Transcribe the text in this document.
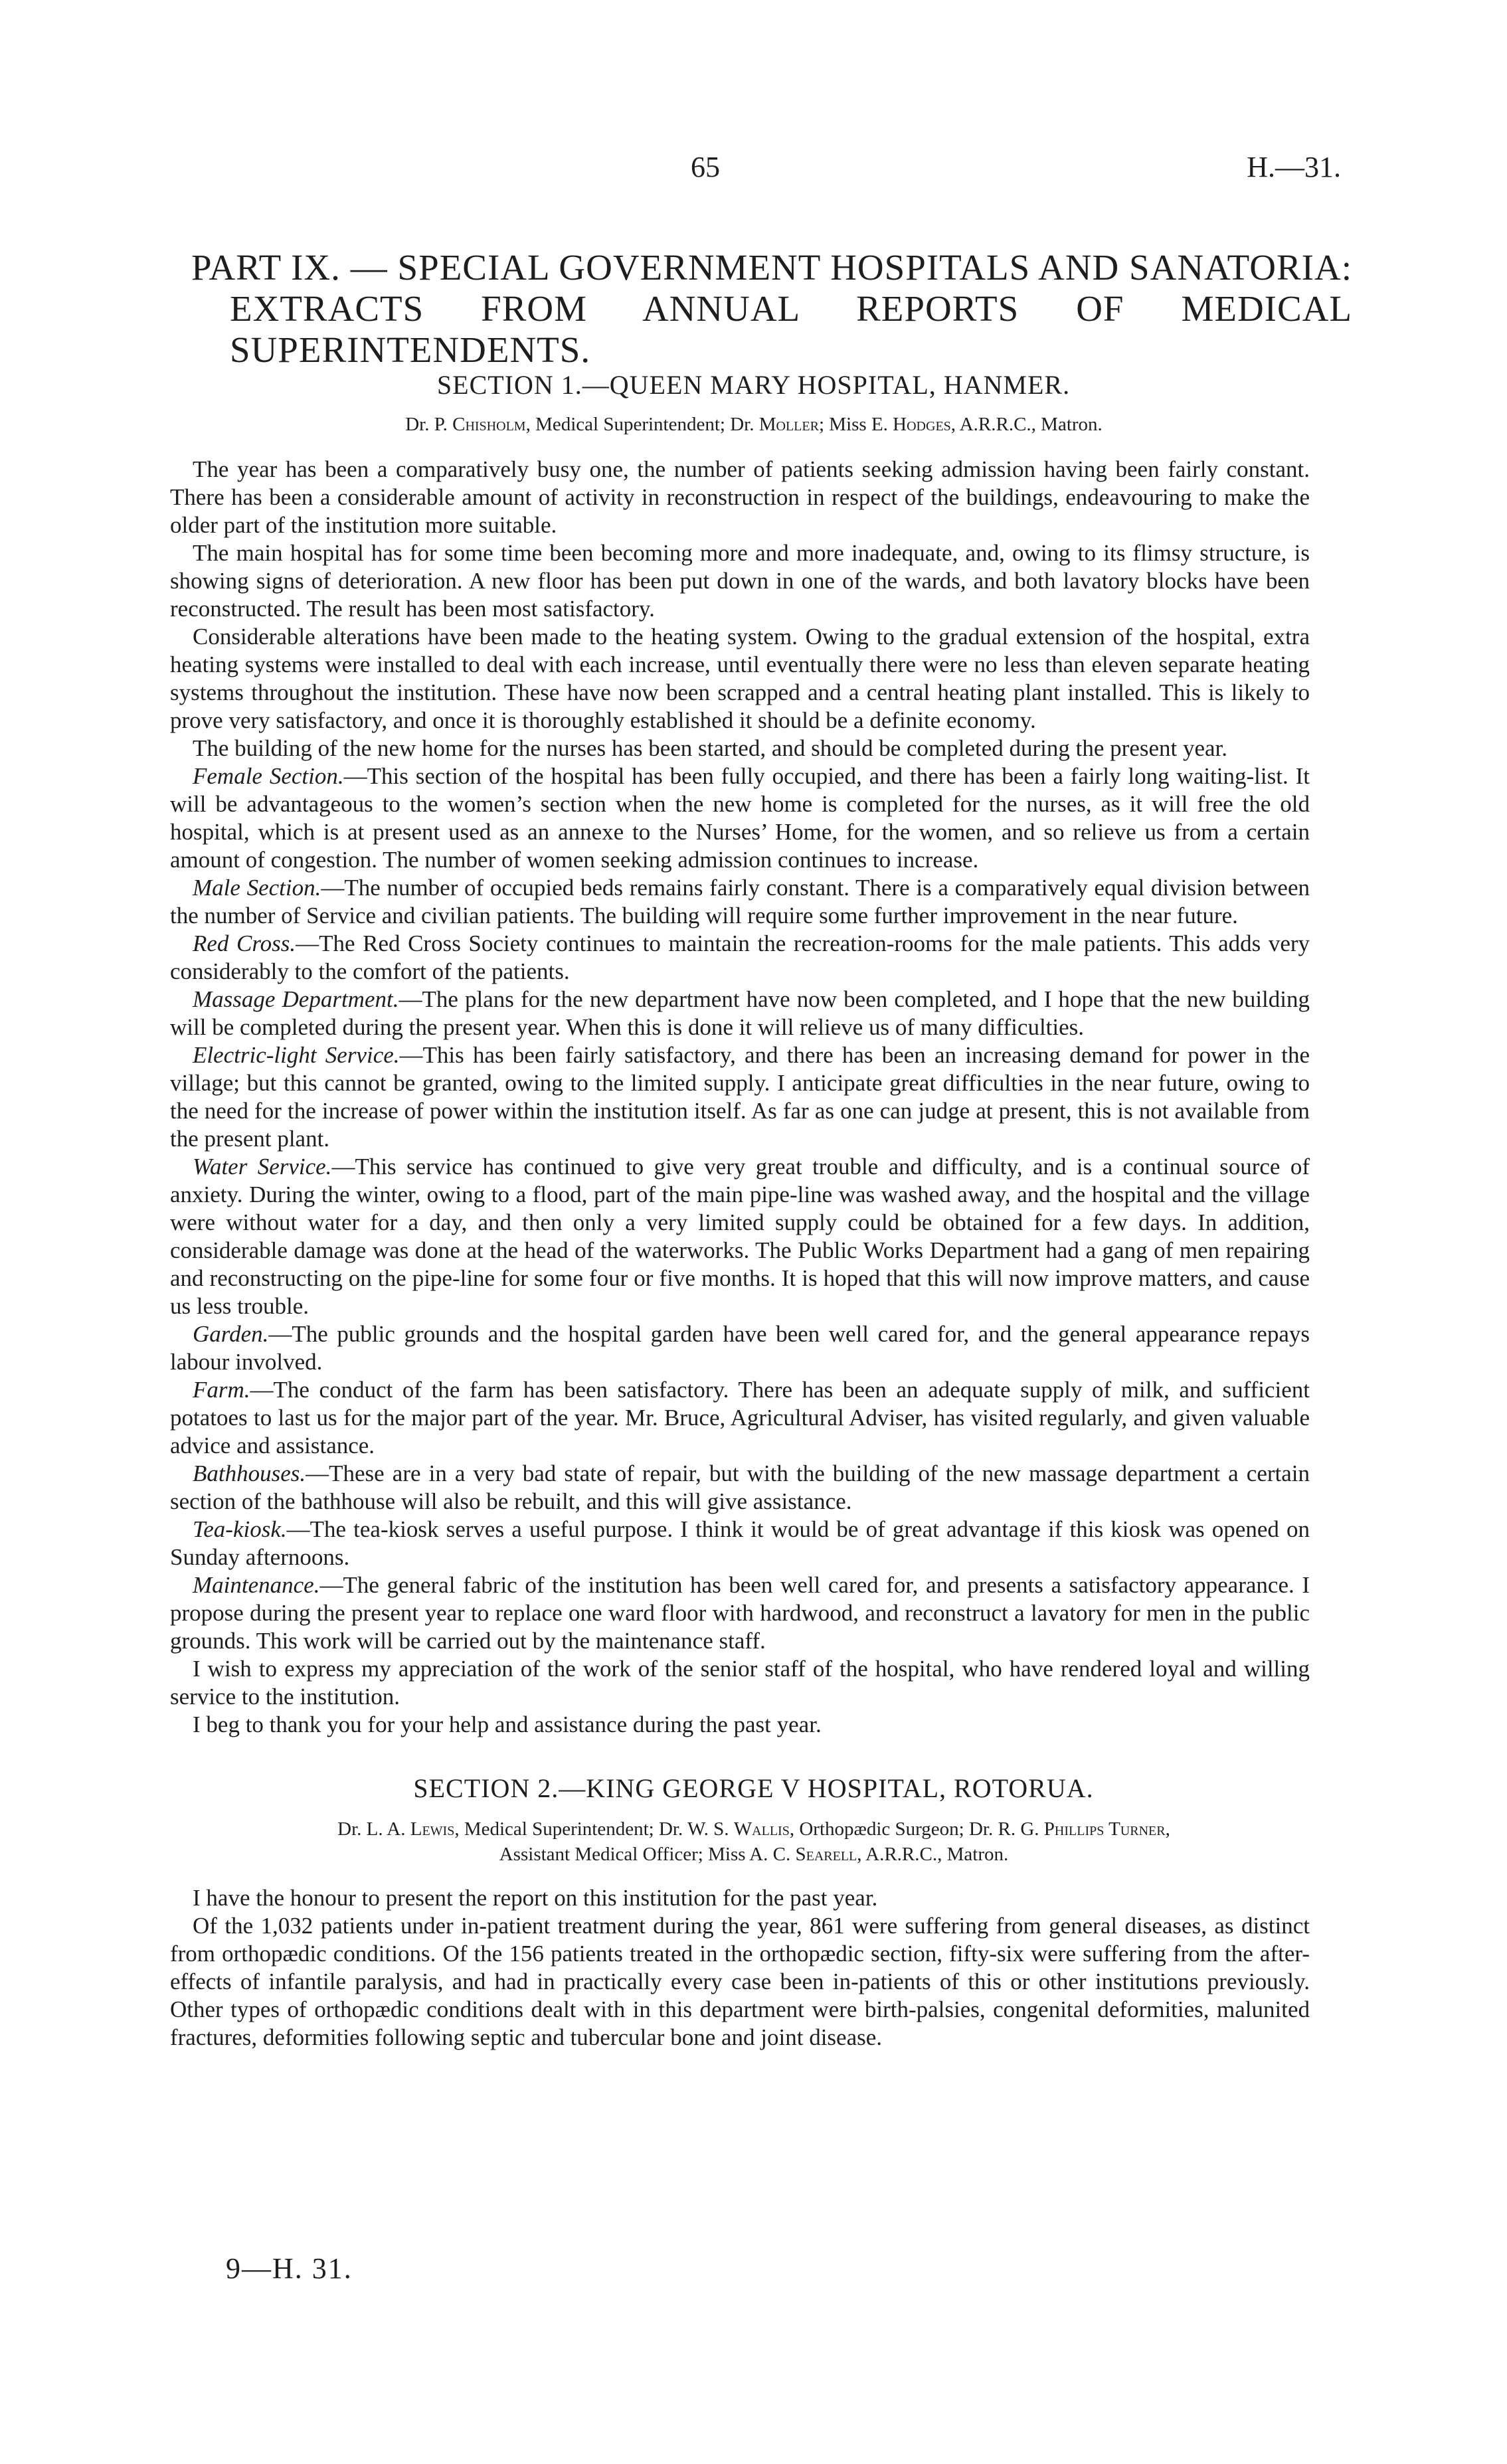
65	H.—31.
PART IX. — SPECIAL GOVERNMENT HOSPITALS AND SANATORIA: EXTRACTS FROM ANNUAL REPORTS OF MEDICAL SUPERINTENDENTS.
SECTION 1.—QUEEN MARY HOSPITAL, HANMER.
Dr. P. Chisholm, Medical Superintendent; Dr. Moller; Miss E. Hodges, A.R.R.C., Matron.

The year has been a comparatively busy one, the number of patients seeking admission having been fairly constant. There has been a considerable amount of activity in reconstruction in respect of the buildings, endeavouring to make the older part of the institution more suitable.

The main hospital has for some time been becoming more and more inadequate, and, owing to its flimsy structure, is showing signs of deterioration. A new floor has been put down in one of the wards, and both lavatory blocks have been reconstructed. The result has been most satisfactory.

Considerable alterations have been made to the heating system. Owing to the gradual extension of the hospital, extra heating systems were installed to deal with each increase, until eventually there were no less than eleven separate heating systems throughout the institution. These have now been scrapped and a central heating plant installed. This is likely to prove very satisfactory, and once it is thoroughly established it should be a definite economy.

The building of the new home for the nurses has been started, and should be completed during the present year.

Female Section.—This section of the hospital has been fully occupied, and there has been a fairly long waiting-list. It will be advantageous to the women’s section when the new home is completed for the nurses, as it will free the old hospital, which is at present used as an annexe to the Nurses’ Home, for the women, and so relieve us from a certain amount of congestion. The number of women seeking admission continues to increase.

Male Section.—The number of occupied beds remains fairly constant. There is a comparatively equal division between the number of Service and civilian patients. The building will require some further improvement in the near future.

Red Cross.—The Red Cross Society continues to maintain the recreation-rooms for the male patients. This adds very considerably to the comfort of the patients.

Massage Department.—The plans for the new department have now been completed, and I hope that the new building will be completed during the present year. When this is done it will relieve us of many difficulties.

Electric-light Service.—This has been fairly satisfactory, and there has been an increasing demand for power in the village; but this cannot be granted, owing to the limited supply. I anticipate great difficulties in the near future, owing to the need for the increase of power within the institution itself. As far as one can judge at present, this is not available from the present plant.

Water Service.—This service has continued to give very great trouble and difficulty, and is a continual source of anxiety. During the winter, owing to a flood, part of the main pipe-line was washed away, and the hospital and the village were without water for a day, and then only a very limited supply could be obtained for a few days. In addition, considerable damage was done at the head of the waterworks. The Public Works Department had a gang of men repairing and reconstructing on the pipe-line for some four or five months. It is hoped that this will now improve matters, and cause us less trouble.

Garden.—The public grounds and the hospital garden have been well cared for, and the general appearance repays labour involved.

Farm.—The conduct of the farm has been satisfactory. There has been an adequate supply of milk, and sufficient potatoes to last us for the major part of the year. Mr. Bruce, Agricultural Adviser, has visited regularly, and given valuable advice and assistance.

Bathhouses.—These are in a very bad state of repair, but with the building of the new massage department a certain section of the bathhouse will also be rebuilt, and this will give assistance.

Tea-kiosk.—The tea-kiosk serves a useful purpose. I think it would be of great advantage if this kiosk was opened on Sunday afternoons.

Maintenance.—The general fabric of the institution has been well cared for, and presents a satisfactory appearance. I propose during the present year to replace one ward floor with hardwood, and reconstruct a lavatory for men in the public grounds. This work will be carried out by the maintenance staff.

I wish to express my appreciation of the work of the senior staff of the hospital, who have rendered loyal and willing service to the institution.

I beg to thank you for your help and assistance during the past year.

SECTION 2.—KING GEORGE V HOSPITAL, ROTORUA.
Dr. L. A. Lewis, Medical Superintendent; Dr. W. S. Wallis, Orthopædic Surgeon; Dr. R. G. Phillips Turner,
Assistant Medical Officer; Miss A. C. Searell, A.R.R.C., Matron.

I have the honour to present the report on this institution for the past year.

Of the 1,032 patients under in-patient treatment during the year, 861 were suffering from general diseases, as distinct from orthopædic conditions. Of the 156 patients treated in the orthopædic section, fifty-six were suffering from the after-effects of infantile paralysis, and had in practically every case been in-patients of this or other institutions previously. Other types of orthopædic conditions dealt with in this department were birth-palsies, congenital deformities, malunited fractures, deformities following septic and tubercular bone and joint disease.

9—H. 31.
